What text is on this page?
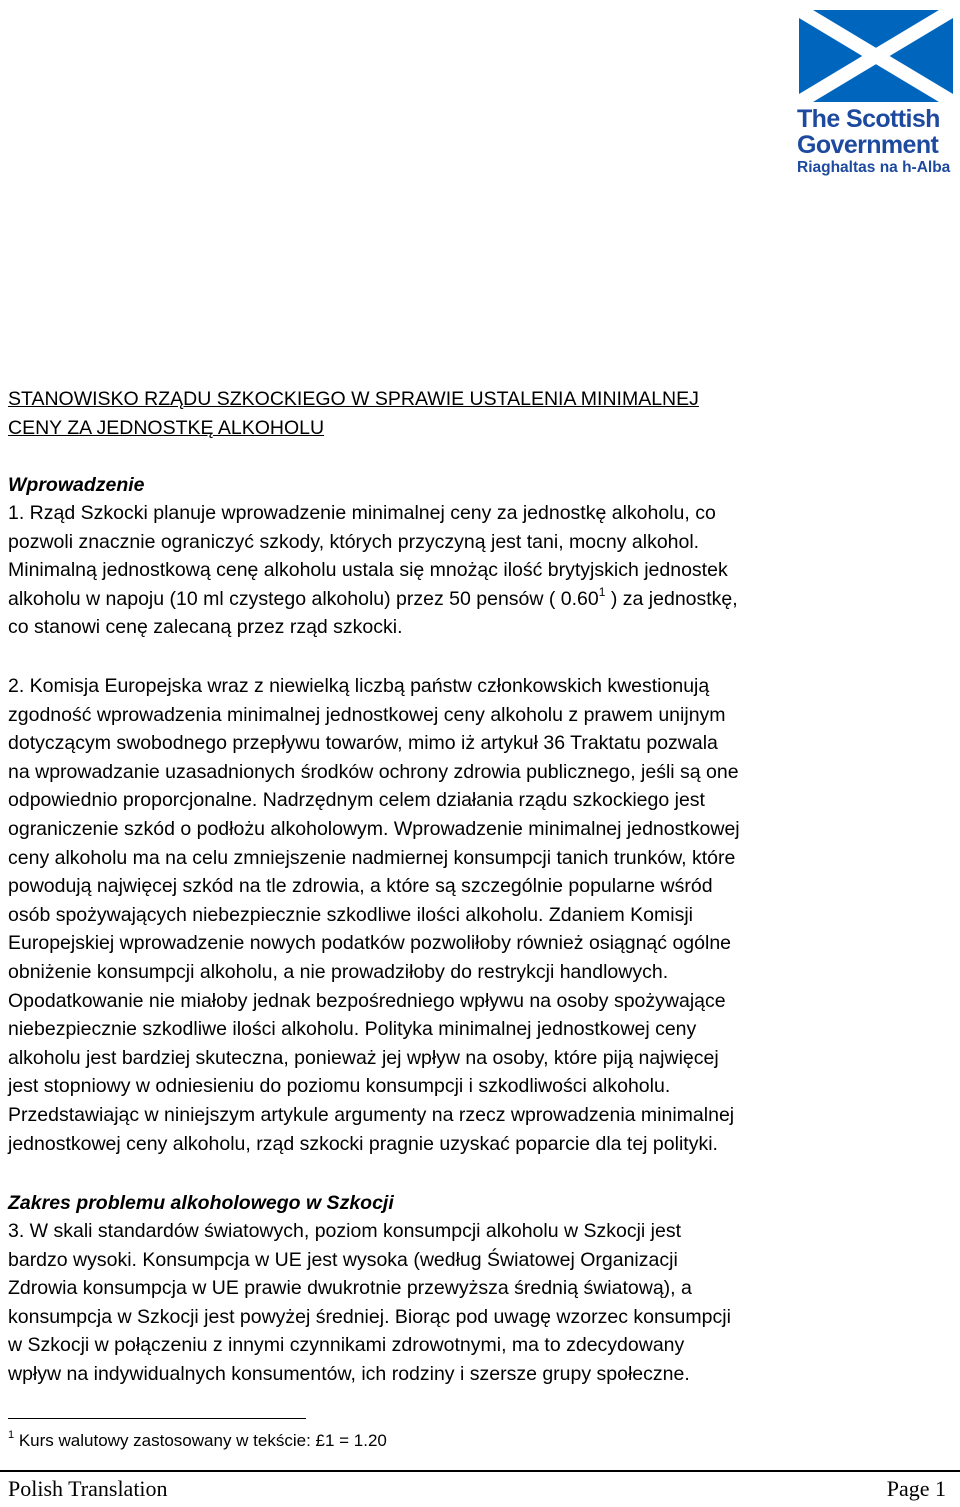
The Scottish
Government
Riaghaltas na h-Alba
STANOWISKO RZĄDU SZKOCKIEGO W SPRAWIE USTALENIA MINIMALNEJ
CENY ZA JEDNOSTKĘ ALKOHOLU
Wprowadzenie
1. Rząd Szkocki planuje wprowadzenie minimalnej ceny za jednostkę alkoholu, co
pozwoli znacznie ograniczyć szkody, których przyczyną jest tani, mocny alkohol.
Minimalną jednostkową cenę alkoholu ustala się mnożąc ilość brytyjskich jednostek
alkoholu w napoju (10 ml czystego alkoholu) przez 50 pensów ( 0.60$^1$ ) za jednostkę,
co stanowi cenę zalecaną przez rząd szkocki.
2. Komisja Europejska wraz z niewielką liczbą państw członkowskich kwestionują
zgodność wprowadzenia minimalnej jednostkowej ceny alkoholu z prawem unijnym
dotyczącym swobodnego przepływu towarów, mimo iż artykuł 36 Traktatu pozwala
na wprowadzanie uzasadnionych środków ochrony zdrowia publicznego, jeśli są one
odpowiednio proporcjonalne. Nadrzędnym celem działania rządu szkockiego jest
ograniczenie szkód o podłożu alkoholowym. Wprowadzenie minimalnej jednostkowej
ceny alkoholu ma na celu zmniejszenie nadmiernej konsumpcji tanich trunków, które
powodują najwięcej szkód na tle zdrowia, a które są szczególnie popularne wśród
osób spożywających niebezpiecznie szkodliwe ilości alkoholu. Zdaniem Komisji
Europejskiej wprowadzenie nowych podatków pozwoliłoby również osiągnąć ogólne
obniżenie konsumpcji alkoholu, a nie prowadziłoby do restrykcji handlowych.
Opodatkowanie nie miałoby jednak bezpośredniego wpływu na osoby spożywające
niebezpiecznie szkodliwe ilości alkoholu. Polityka minimalnej jednostkowej ceny
alkoholu jest bardziej skuteczna, ponieważ jej wpływ na osoby, które piją najwięcej
jest stopniowy w odniesieniu do poziomu konsumpcji i szkodliwości alkoholu.
Przedstawiając w niniejszym artykule argumenty na rzecz wprowadzenia minimalnej
jednostkowej ceny alkoholu, rząd szkocki pragnie uzyskać poparcie dla tej polityki.
Zakres problemu alkoholowego w Szkocji
3. W skali standardów światowych, poziom konsumpcji alkoholu w Szkocji jest
bardzo wysoki. Konsumpcja w UE jest wysoka (według Światowej Organizacji
Zdrowia konsumpcja w UE prawie dwukrotnie przewyższa średnią światową), a
konsumpcja w Szkocji jest powyżej średniej. Biorąc pod uwagę wzorzec konsumpcji
w Szkocji w połączeniu z innymi czynnikami zdrowotnymi, ma to zdecydowany
wpływ na indywidualnych konsumentów, ich rodziny i szersze grupy społeczne.
$^1$ Kurs walutowy zastosowany w tekście: £1 = 1.20
Polish Translation	Page 1
